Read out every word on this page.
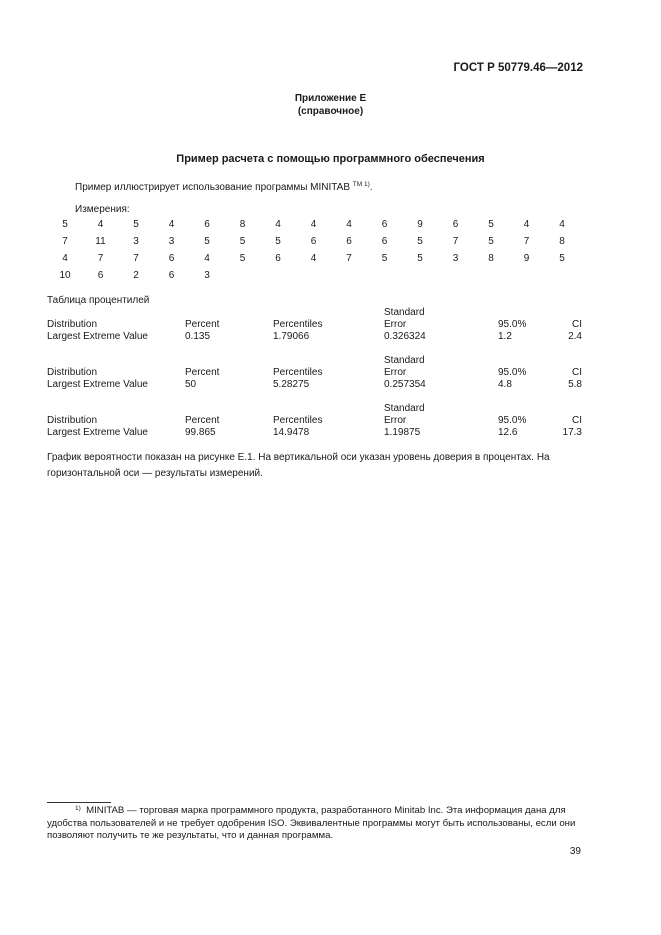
ГОСТ Р 50779.46—2012
Приложение Е
(справочное)
Пример расчета с помощью программного обеспечения
Пример иллюстрирует использование программы MINITAB $^{TM 1)}$.
Измерения:
5	4	5	4	6	8	4	4	4	6	9	6	5	4	4
7	11	3	3	5	5	5	6	6	6	5	7	5	7	8
4	7	7	6	4	5	6	4	7	5	5	3	8	9	5
10	6	2	6	3
Таблица процентилей
Standard
Distribution	Percent	Percentiles	Error	95.0%	CI
Largest Extreme Value	0.135	1.79066	0.326324	1.2	2.4
Standard
Distribution	Percent	Percentiles	Error	95.0%	CI
Largest Extreme Value	50	5.28275	0.257354	4.8	5.8
Standard
Distribution	Percent	Percentiles	Error	95.0%	CI
Largest Extreme Value	99.865	14.9478	1.19875	12.6	17.3
График вероятности показан на рисунке Е.1. На вертикальной оси указан уровень доверия в процентах. На горизонтальной оси — результаты измерений.
$^{1)}$ MINITAB — торговая марка программного продукта, разработанного Minitab Inc. Эта информация дана для удобства пользователей и не требует одобрения ISO. Эквивалентные программы могут быть использованы, если они позволяют получить те же результаты, что и данная программа.
39
